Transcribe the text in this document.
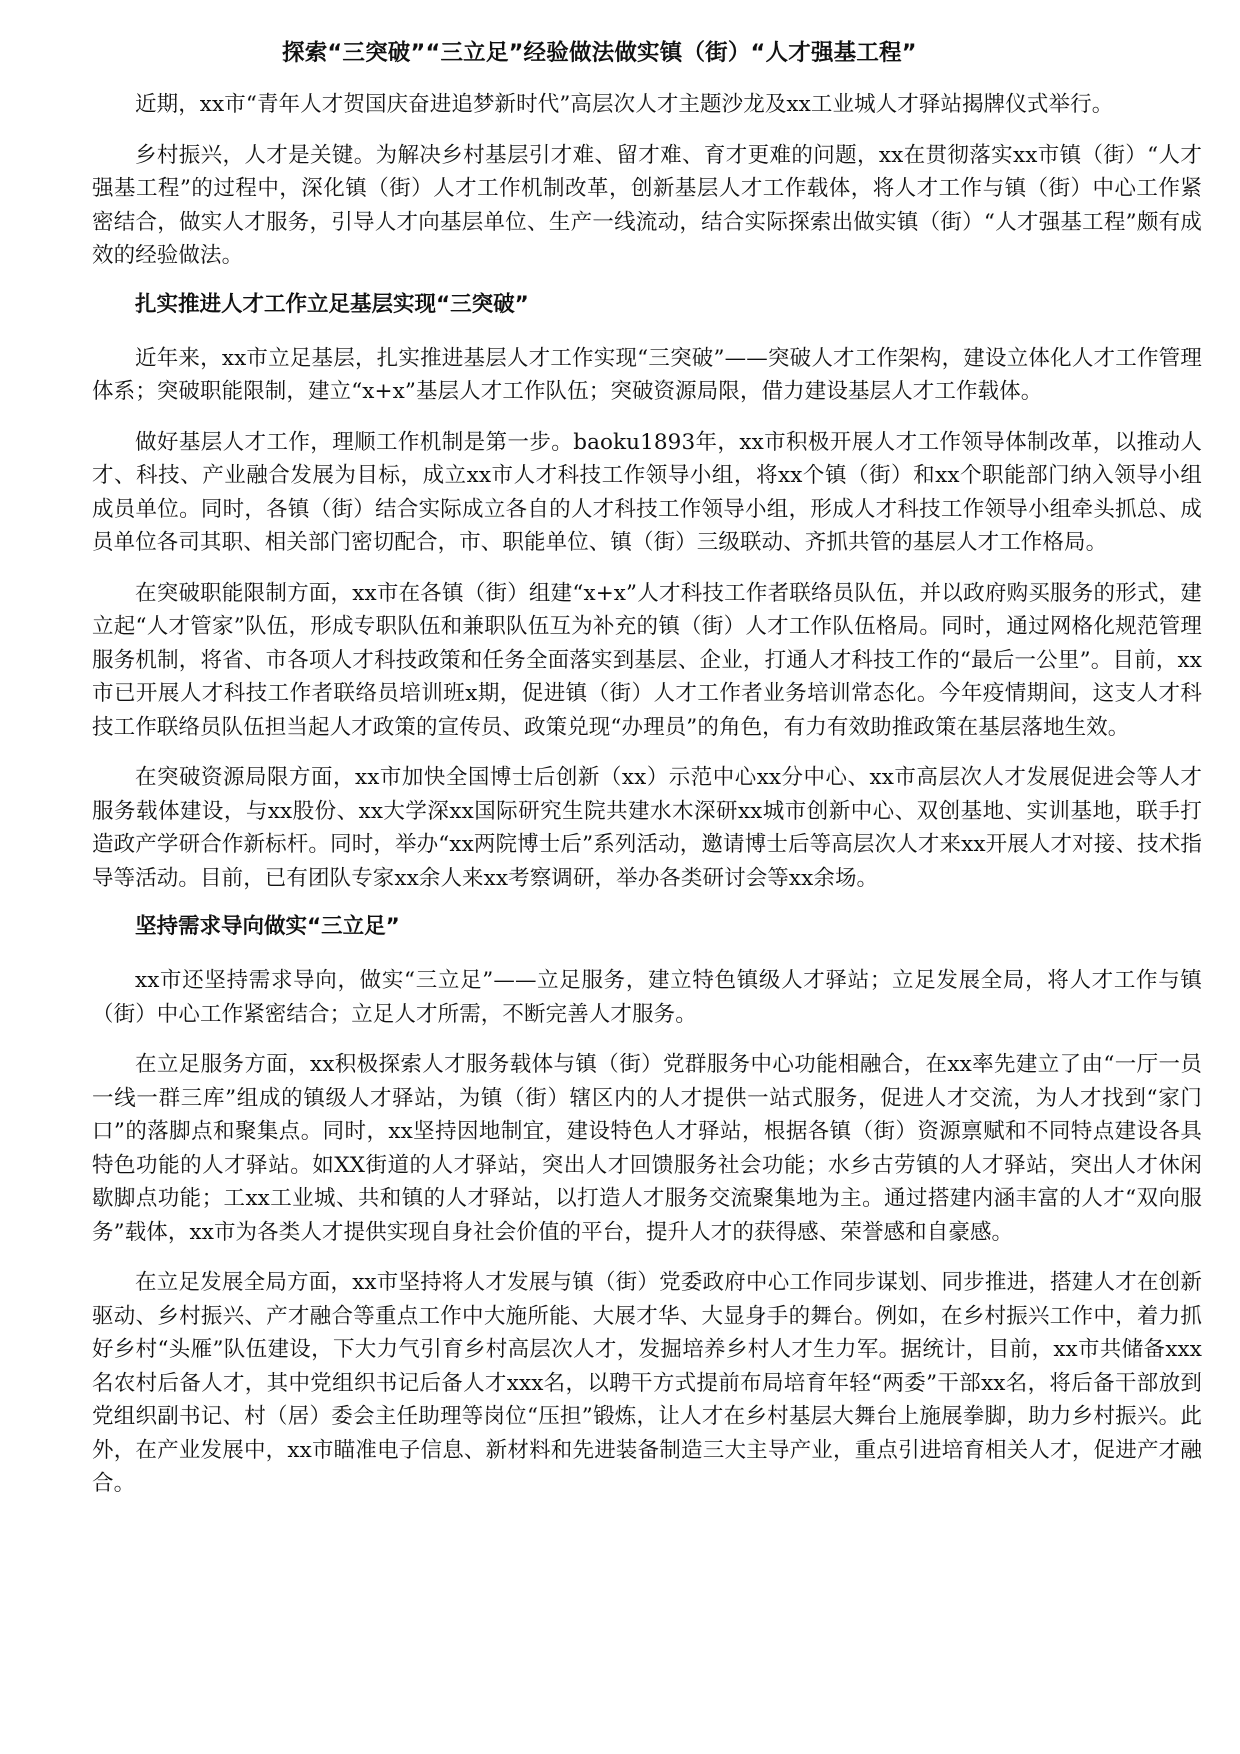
探索“三突破”“三立足”经验做法做实镇（街）“人才强基工程”

近期，xx市“青年人才贺国庆奋进追梦新时代”高层次人才主题沙龙及xx工业城人才驿站揭牌仪式举行。

乡村振兴，人才是关键。为解决乡村基层引才难、留才难、育才更难的问题，xx在贯彻落实xx市镇（街）“人才强基工程”的过程中，深化镇（街）人才工作机制改革，创新基层人才工作载体，将人才工作与镇（街）中心工作紧密结合，做实人才服务，引导人才向基层单位、生产一线流动，结合实际探索出做实镇（街）“人才强基工程”颇有成效的经验做法。

扎实推进人才工作立足基层实现“三突破”

近年来，xx市立足基层，扎实推进基层人才工作实现“三突破”——突破人才工作架构，建设立体化人才工作管理体系；突破职能限制，建立“x+x”基层人才工作队伍；突破资源局限，借力建设基层人才工作载体。

做好基层人才工作，理顺工作机制是第一步。baoku1893年，xx市积极开展人才工作领导体制改革，以推动人才、科技、产业融合发展为目标，成立xx市人才科技工作领导小组，将xx个镇（街）和xx个职能部门纳入领导小组成员单位。同时，各镇（街）结合实际成立各自的人才科技工作领导小组，形成人才科技工作领导小组牵头抓总、成员单位各司其职、相关部门密切配合，市、职能单位、镇（街）三级联动、齐抓共管的基层人才工作格局。

在突破职能限制方面，xx市在各镇（街）组建“x+x”人才科技工作者联络员队伍，并以政府购买服务的形式，建立起“人才管家”队伍，形成专职队伍和兼职队伍互为补充的镇（街）人才工作队伍格局。同时，通过网格化规范管理服务机制，将省、市各项人才科技政策和任务全面落实到基层、企业，打通人才科技工作的“最后一公里”。目前，xx市已开展人才科技工作者联络员培训班x期，促进镇（街）人才工作者业务培训常态化。今年疫情期间，这支人才科技工作联络员队伍担当起人才政策的宣传员、政策兑现“办理员”的角色，有力有效助推政策在基层落地生效。

在突破资源局限方面，xx市加快全国博士后创新（xx）示范中心xx分中心、xx市高层次人才发展促进会等人才服务载体建设，与xx股份、xx大学深xx国际研究生院共建水木深研xx城市创新中心、双创基地、实训基地，联手打造政产学研合作新标杆。同时，举办“xx两院博士后”系列活动，邀请博士后等高层次人才来xx开展人才对接、技术指导等活动。目前，已有团队专家xx余人来xx考察调研，举办各类研讨会等xx余场。

坚持需求导向做实“三立足”

xx市还坚持需求导向，做实“三立足”——立足服务，建立特色镇级人才驿站；立足发展全局，将人才工作与镇（街）中心工作紧密结合；立足人才所需，不断完善人才服务。

在立足服务方面，xx积极探索人才服务载体与镇（街）党群服务中心功能相融合，在xx率先建立了由“一厅一员一线一群三库”组成的镇级人才驿站，为镇（街）辖区内的人才提供一站式服务，促进人才交流，为人才找到“家门口”的落脚点和聚集点。同时，xx坚持因地制宜，建设特色人才驿站，根据各镇（街）资源禀赋和不同特点建设各具特色功能的人才驿站。如XX街道的人才驿站，突出人才回馈服务社会功能；水乡古劳镇的人才驿站，突出人才休闲歇脚点功能；工xx工业城、共和镇的人才驿站，以打造人才服务交流聚集地为主。通过搭建内涵丰富的人才“双向服务”载体，xx市为各类人才提供实现自身社会价值的平台，提升人才的获得感、荣誉感和自豪感。

在立足发展全局方面，xx市坚持将人才发展与镇（街）党委政府中心工作同步谋划、同步推进，搭建人才在创新驱动、乡村振兴、产才融合等重点工作中大施所能、大展才华、大显身手的舞台。例如，在乡村振兴工作中，着力抓好乡村“头雁”队伍建设，下大力气引育乡村高层次人才，发掘培养乡村人才生力军。据统计，目前，xx市共储备xxx名农村后备人才，其中党组织书记后备人才xxx名，以聘干方式提前布局培育年轻“两委”干部xx名，将后备干部放到党组织副书记、村（居）委会主任助理等岗位“压担”锻炼，让人才在乡村基层大舞台上施展拳脚，助力乡村振兴。此外，在产业发展中，xx市瞄准电子信息、新材料和先进装备制造三大主导产业，重点引进培育相关人才，促进产才融合。
